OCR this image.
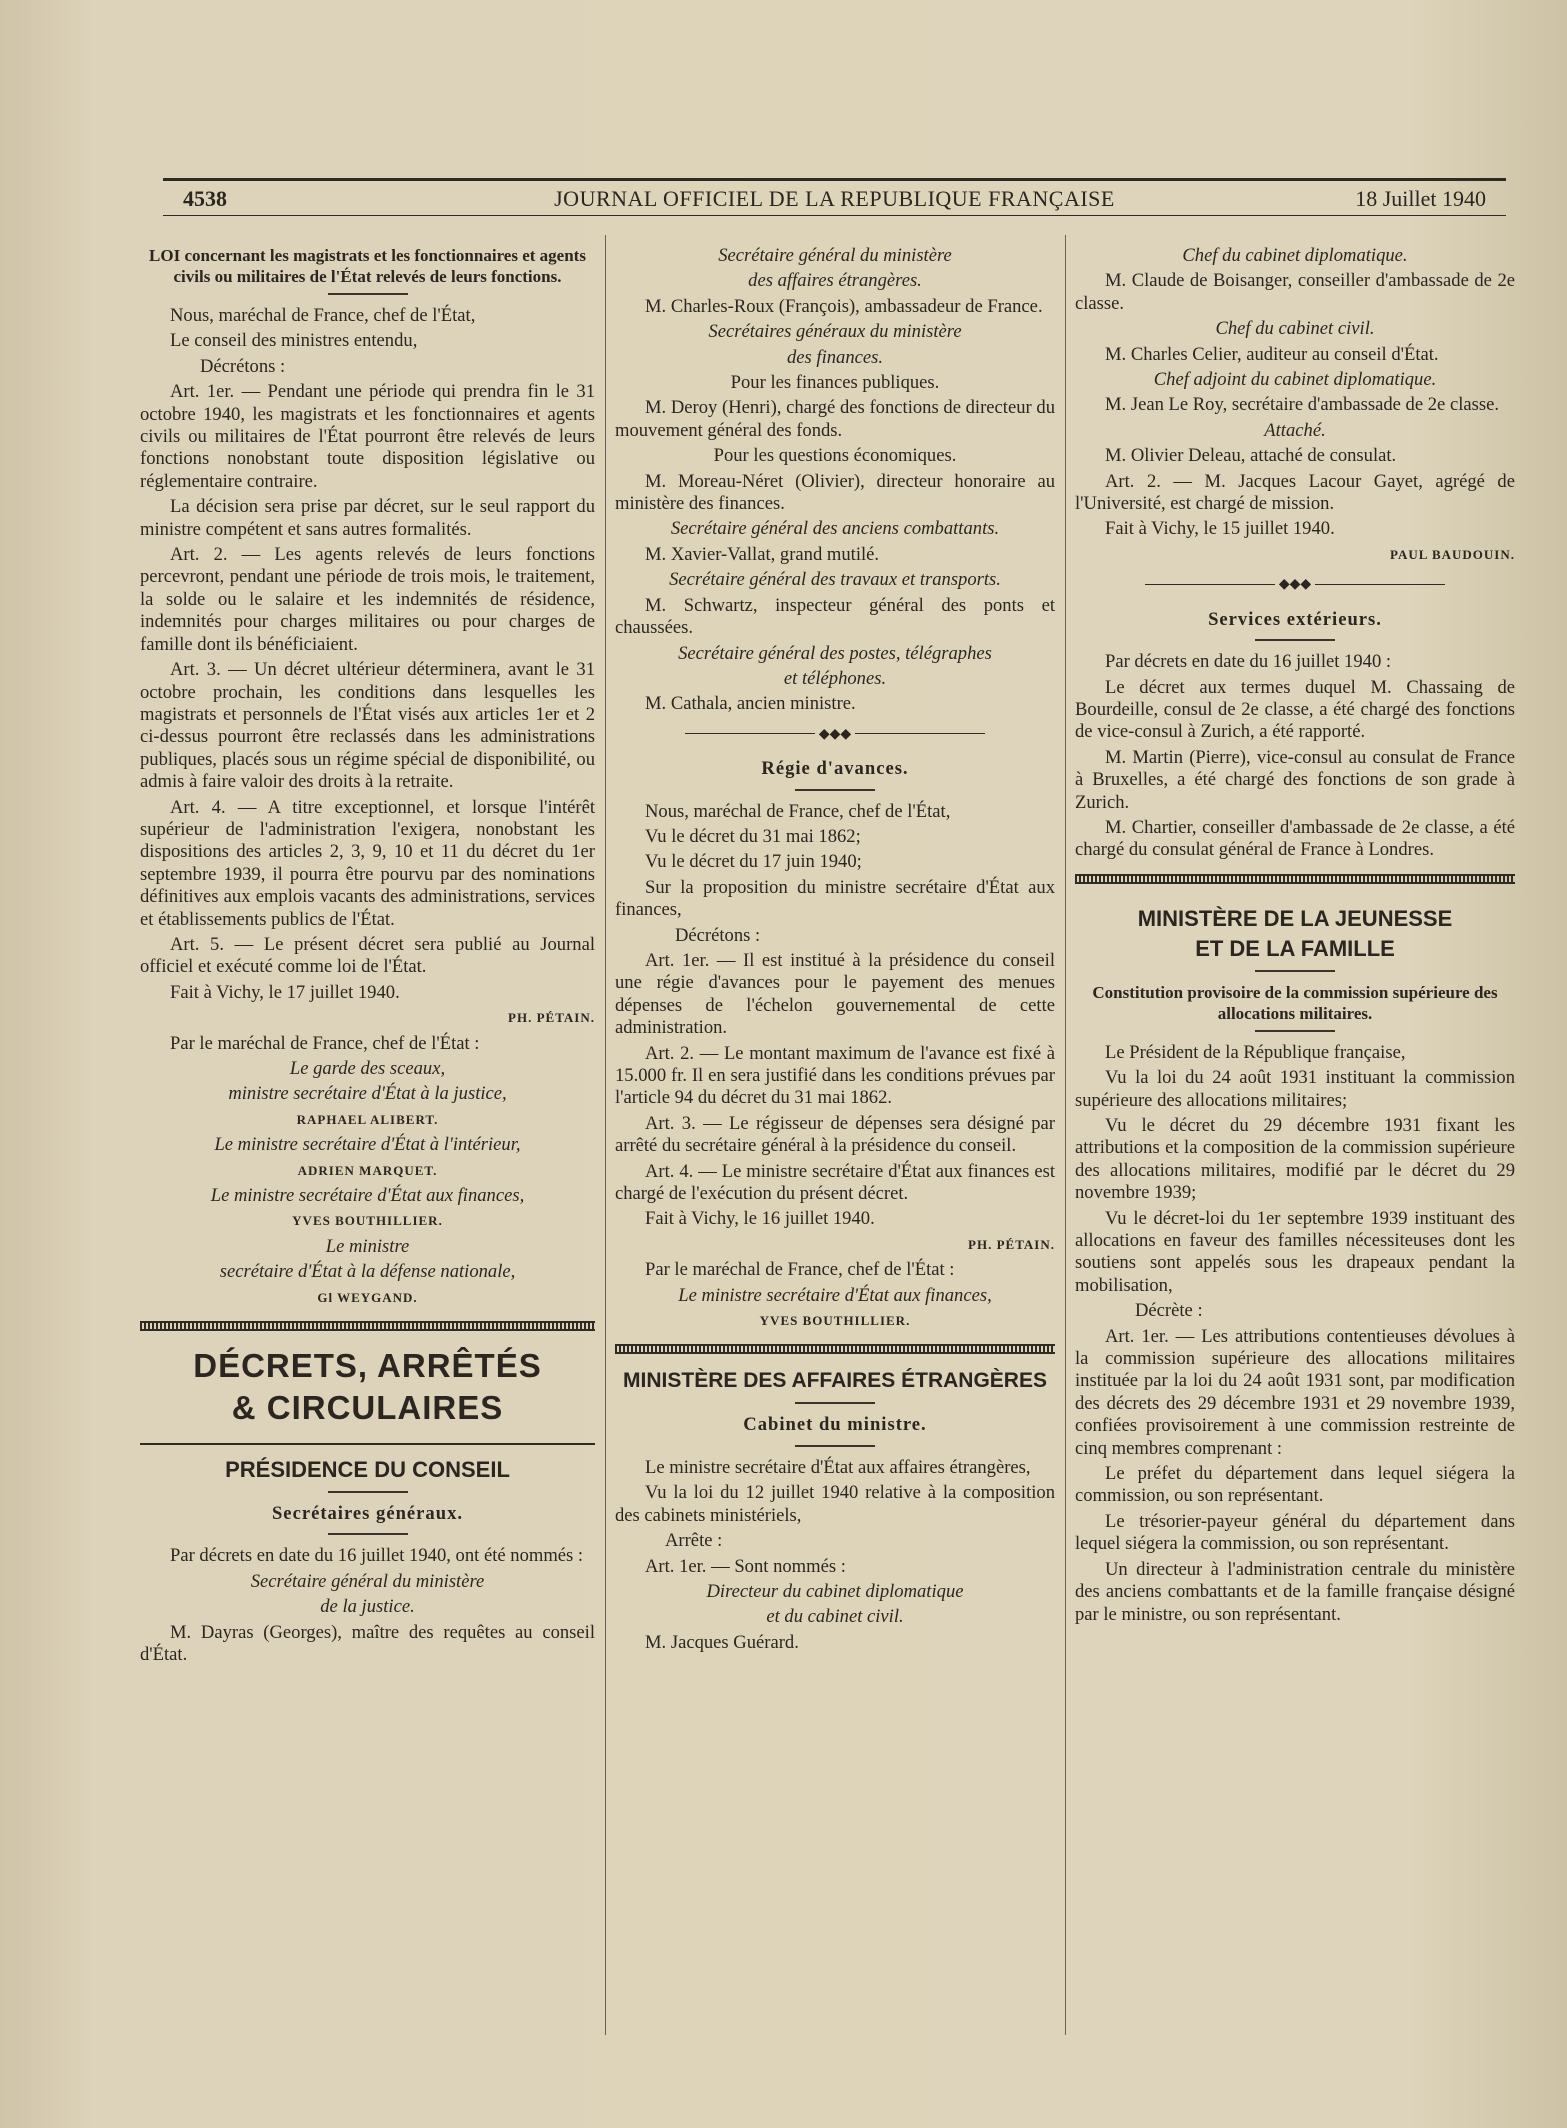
4538	JOURNAL OFFICIEL DE LA REPUBLIQUE FRANÇAISE	18 Juillet 1940

LOI concernant les magistrats et les fonctionnaires et agents civils ou militaires de l'État relevés de leurs fonctions.

Nous, maréchal de France, chef de l'État,

Le conseil des ministres entendu,

Décrétons :

Art. 1er. — Pendant une période qui prendra fin le 31 octobre 1940, les magistrats et les fonctionnaires et agents civils ou militaires de l'État pourront être relevés de leurs fonctions nonobstant toute disposition législative ou réglementaire contraire.

La décision sera prise par décret, sur le seul rapport du ministre compétent et sans autres formalités.

Art. 2. — Les agents relevés de leurs fonctions percevront, pendant une période de trois mois, le traitement, la solde ou le salaire et les indemnités de résidence, indemnités pour charges militaires ou pour charges de famille dont ils bénéficiaient.

Art. 3. — Un décret ultérieur déterminera, avant le 31 octobre prochain, les conditions dans lesquelles les magistrats et personnels de l'État visés aux articles 1er et 2 ci-dessus pourront être reclassés dans les administrations publiques, placés sous un régime spécial de disponibilité, ou admis à faire valoir des droits à la retraite.

Art. 4. — A titre exceptionnel, et lorsque l'intérêt supérieur de l'administration l'exigera, nonobstant les dispositions des articles 2, 3, 9, 10 et 11 du décret du 1er septembre 1939, il pourra être pourvu par des nominations définitives aux emplois vacants des administrations, services et établissements publics de l'État.

Art. 5. — Le présent décret sera publié au Journal officiel et exécuté comme loi de l'État.

Fait à Vichy, le 17 juillet 1940.

PH. PÉTAIN.

Par le maréchal de France, chef de l'État :

Le garde des sceaux,

ministre secrétaire d'État à la justice,

RAPHAEL ALIBERT.

Le ministre secrétaire d'État à l'intérieur,

ADRIEN MARQUET.

Le ministre secrétaire d'État aux finances,

YVES BOUTHILLIER.

Le ministre

secrétaire d'État à la défense nationale,

Gl WEYGAND.

DÉCRETS, ARRÊTÉS
& CIRCULAIRES
PRÉSIDENCE DU CONSEIL

Secrétaires généraux.

Par décrets en date du 16 juillet 1940, ont été nommés :

Secrétaire général du ministère

de la justice.

M. Dayras (Georges), maître des requêtes au conseil d'État.

Secrétaire général du ministère

des affaires étrangères.

M. Charles-Roux (François), ambassadeur de France.

Secrétaires généraux du ministère

des finances.

Pour les finances publiques.

M. Deroy (Henri), chargé des fonctions de directeur du mouvement général des fonds.

Pour les questions économiques.

M. Moreau-Néret (Olivier), directeur honoraire au ministère des finances.

Secrétaire général des anciens combattants.

M. Xavier-Vallat, grand mutilé.

Secrétaire général des travaux et transports.

M. Schwartz, inspecteur général des ponts et chaussées.

Secrétaire général des postes, télégraphes

et téléphones.

M. Cathala, ancien ministre.

◆◆◆

Régie d'avances.

Nous, maréchal de France, chef de l'État,

Vu le décret du 31 mai 1862;

Vu le décret du 17 juin 1940;

Sur la proposition du ministre secrétaire d'État aux finances,

Décrétons :

Art. 1er. — Il est institué à la présidence du conseil une régie d'avances pour le payement des menues dépenses de l'échelon gouvernemental de cette administration.

Art. 2. — Le montant maximum de l'avance est fixé à 15.000 fr. Il en sera justifié dans les conditions prévues par l'article 94 du décret du 31 mai 1862.

Art. 3. — Le régisseur de dépenses sera désigné par arrêté du secrétaire général à la présidence du conseil.

Art. 4. — Le ministre secrétaire d'État aux finances est chargé de l'exécution du présent décret.

Fait à Vichy, le 16 juillet 1940.

PH. PÉTAIN.

Par le maréchal de France, chef de l'État :

Le ministre secrétaire d'État aux finances,

YVES BOUTHILLIER.

MINISTÈRE DES AFFAIRES ÉTRANGÈRES

Cabinet du ministre.

Le ministre secrétaire d'État aux affaires étrangères,

Vu la loi du 12 juillet 1940 relative à la composition des cabinets ministériels,

Arrête :

Art. 1er. — Sont nommés :

Directeur du cabinet diplomatique

et du cabinet civil.

M. Jacques Guérard.

Chef du cabinet diplomatique.

M. Claude de Boisanger, conseiller d'ambassade de 2e classe.

Chef du cabinet civil.

M. Charles Celier, auditeur au conseil d'État.

Chef adjoint du cabinet diplomatique.

M. Jean Le Roy, secrétaire d'ambassade de 2e classe.

Attaché.

M. Olivier Deleau, attaché de consulat.

Art. 2. — M. Jacques Lacour Gayet, agrégé de l'Université, est chargé de mission.

Fait à Vichy, le 15 juillet 1940.

PAUL BAUDOUIN.

◆◆◆

Services extérieurs.

Par décrets en date du 16 juillet 1940 :

Le décret aux termes duquel M. Chassaing de Bourdeille, consul de 2e classe, a été chargé des fonctions de vice-consul à Zurich, a été rapporté.

M. Martin (Pierre), vice-consul au consulat de France à Bruxelles, a été chargé des fonctions de son grade à Zurich.

M. Chartier, conseiller d'ambassade de 2e classe, a été chargé du consulat général de France à Londres.

MINISTÈRE DE LA JEUNESSE
ET DE LA FAMILLE

Constitution provisoire de la commission supérieure des allocations militaires.

Le Président de la République française,

Vu la loi du 24 août 1931 instituant la commission supérieure des allocations militaires;

Vu le décret du 29 décembre 1931 fixant les attributions et la composition de la commission supérieure des allocations militaires, modifié par le décret du 29 novembre 1939;

Vu le décret-loi du 1er septembre 1939 instituant des allocations en faveur des familles nécessiteuses dont les soutiens sont appelés sous les drapeaux pendant la mobilisation,

Décrète :

Art. 1er. — Les attributions contentieuses dévolues à la commission supérieure des allocations militaires instituée par la loi du 24 août 1931 sont, par modification des décrets des 29 décembre 1931 et 29 novembre 1939, confiées provisoirement à une commission restreinte de cinq membres comprenant :

Le préfet du département dans lequel siégera la commission, ou son représentant.

Le trésorier-payeur général du département dans lequel siégera la commission, ou son représentant.

Un directeur à l'administration centrale du ministère des anciens combattants et de la famille française désigné par le ministre, ou son représentant.
